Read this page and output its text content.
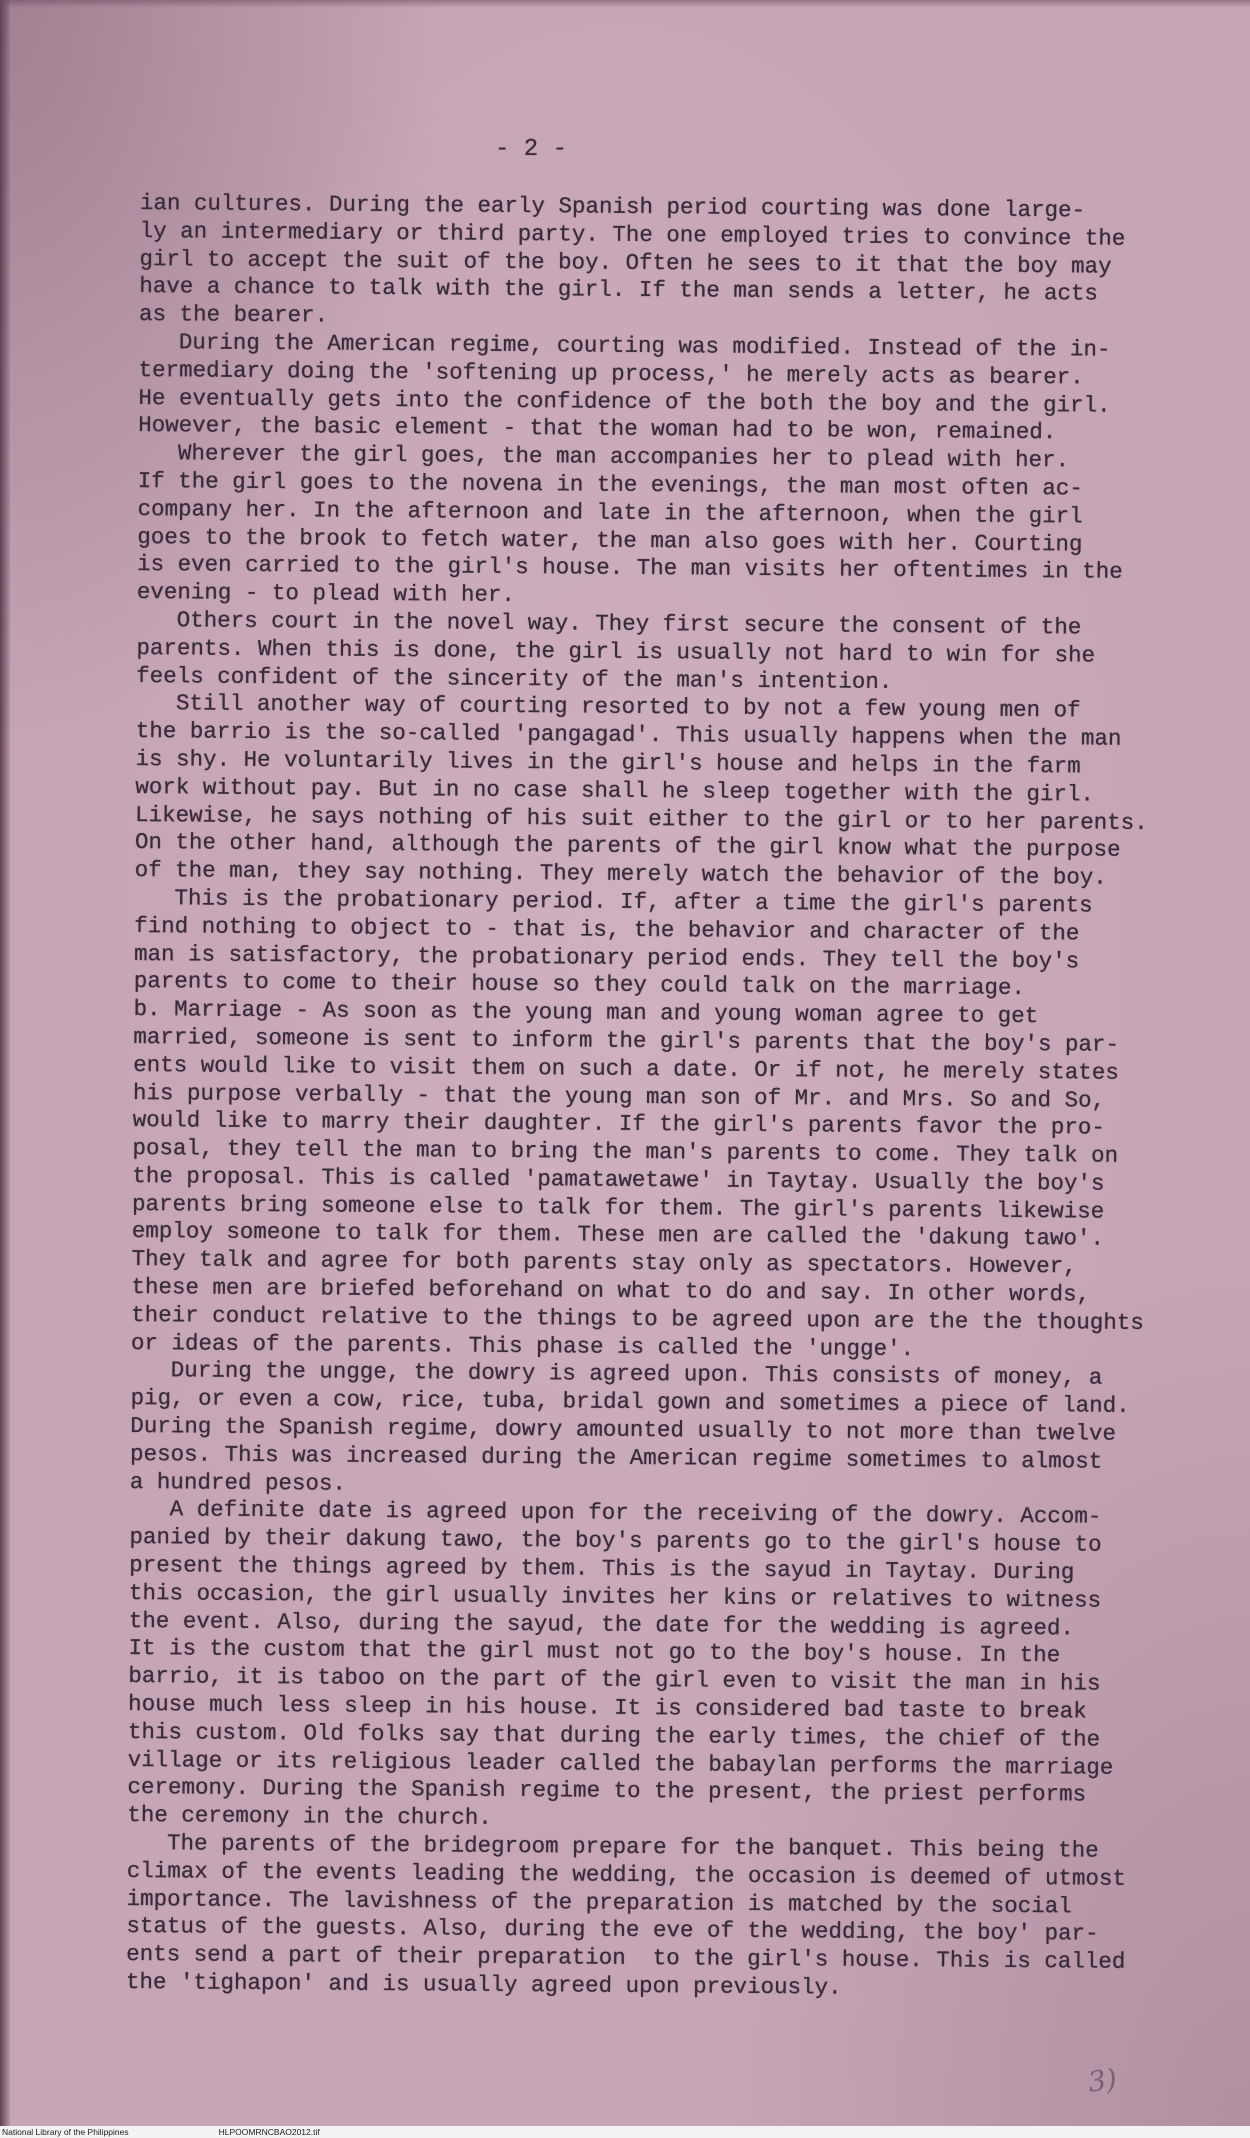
- 2 -
ian cultures. During the early Spanish period courting was done large-
ly an intermediary or third party. The one employed tries to convince the
girl to accept the suit of the boy. Often he sees to it that the boy may
have a chance to talk with the girl. If the man sends a letter, he acts
as the bearer.
During the American regime, courting was modified. Instead of the in-
termediary doing the 'softening up process,' he merely acts as bearer.
He eventually gets into the confidence of the both the boy and the girl.
However, the basic element - that the woman had to be won, remained.
Wherever the girl goes, the man accompanies her to plead with her.
If the girl goes to the novena in the evenings, the man most often ac-
company her. In the afternoon and late in the afternoon, when the girl
goes to the brook to fetch water, the man also goes with her. Courting
is even carried to the girl's house. The man visits her oftentimes in the
evening - to plead with her.
Others court in the novel way. They first secure the consent of the
parents. When this is done, the girl is usually not hard to win for she
feels confident of the sincerity of the man's intention.
Still another way of courting resorted to by not a few young men of
the barrio is the so-called 'pangagad'. This usually happens when the man
is shy. He voluntarily lives in the girl's house and helps in the farm
work without pay. But in no case shall he sleep together with the girl.
Likewise, he says nothing of his suit either to the girl or to her parents.
On the other hand, although the parents of the girl know what the purpose
of the man, they say nothing. They merely watch the behavior of the boy.
This is the probationary period. If, after a time the girl's parents
find nothing to object to - that is, the behavior and character of the
man is satisfactory, the probationary period ends. They tell the boy's
parents to come to their house so they could talk on the marriage.
b. Marriage - As soon as the young man and young woman agree to get
married, someone is sent to inform the girl's parents that the boy's par-
ents would like to visit them on such a date. Or if not, he merely states
his purpose verbally - that the young man son of Mr. and Mrs. So and So,
would like to marry their daughter. If the girl's parents favor the pro-
posal, they tell the man to bring the man's parents to come. They talk on
the proposal. This is called 'pamatawetawe' in Taytay. Usually the boy's
parents bring someone else to talk for them. The girl's parents likewise
employ someone to talk for them. These men are called the 'dakung tawo'.
They talk and agree for both parents stay only as spectators. However,
these men are briefed beforehand on what to do and say. In other words,
their conduct relative to the things to be agreed upon are the the thoughts
or ideas of the parents. This phase is called the 'ungge'.
During the ungge, the dowry is agreed upon. This consists of money, a
pig, or even a cow, rice, tuba, bridal gown and sometimes a piece of land.
During the Spanish regime, dowry amounted usually to not more than twelve
pesos. This was increased during the American regime sometimes to almost
a hundred pesos.
A definite date is agreed upon for the receiving of the dowry. Accom-
panied by their dakung tawo, the boy's parents go to the girl's house to
present the things agreed by them. This is the sayud in Taytay. During
this occasion, the girl usually invites her kins or relatives to witness
the event. Also, during the sayud, the date for the wedding is agreed.
It is the custom that the girl must not go to the boy's house. In the
barrio, it is taboo on the part of the girl even to visit the man in his
house much less sleep in his house. It is considered bad taste to break
this custom. Old folks say that during the early times, the chief of the
village or its religious leader called the babaylan performs the marriage
ceremony. During the Spanish regime to the present, the priest performs
the ceremony in the church.
The parents of the bridegroom prepare for the banquet. This being the
climax of the events leading the wedding, the occasion is deemed of utmost
importance. The lavishness of the preparation is matched by the social
status of the guests. Also, during the eve of the wedding, the boy' par-
ents send a part of their preparation  to the girl's house. This is called
the 'tighapon' and is usually agreed upon previously.
3)
National Library of the Philippines	HLPOOMRNCBAO2012.tif
